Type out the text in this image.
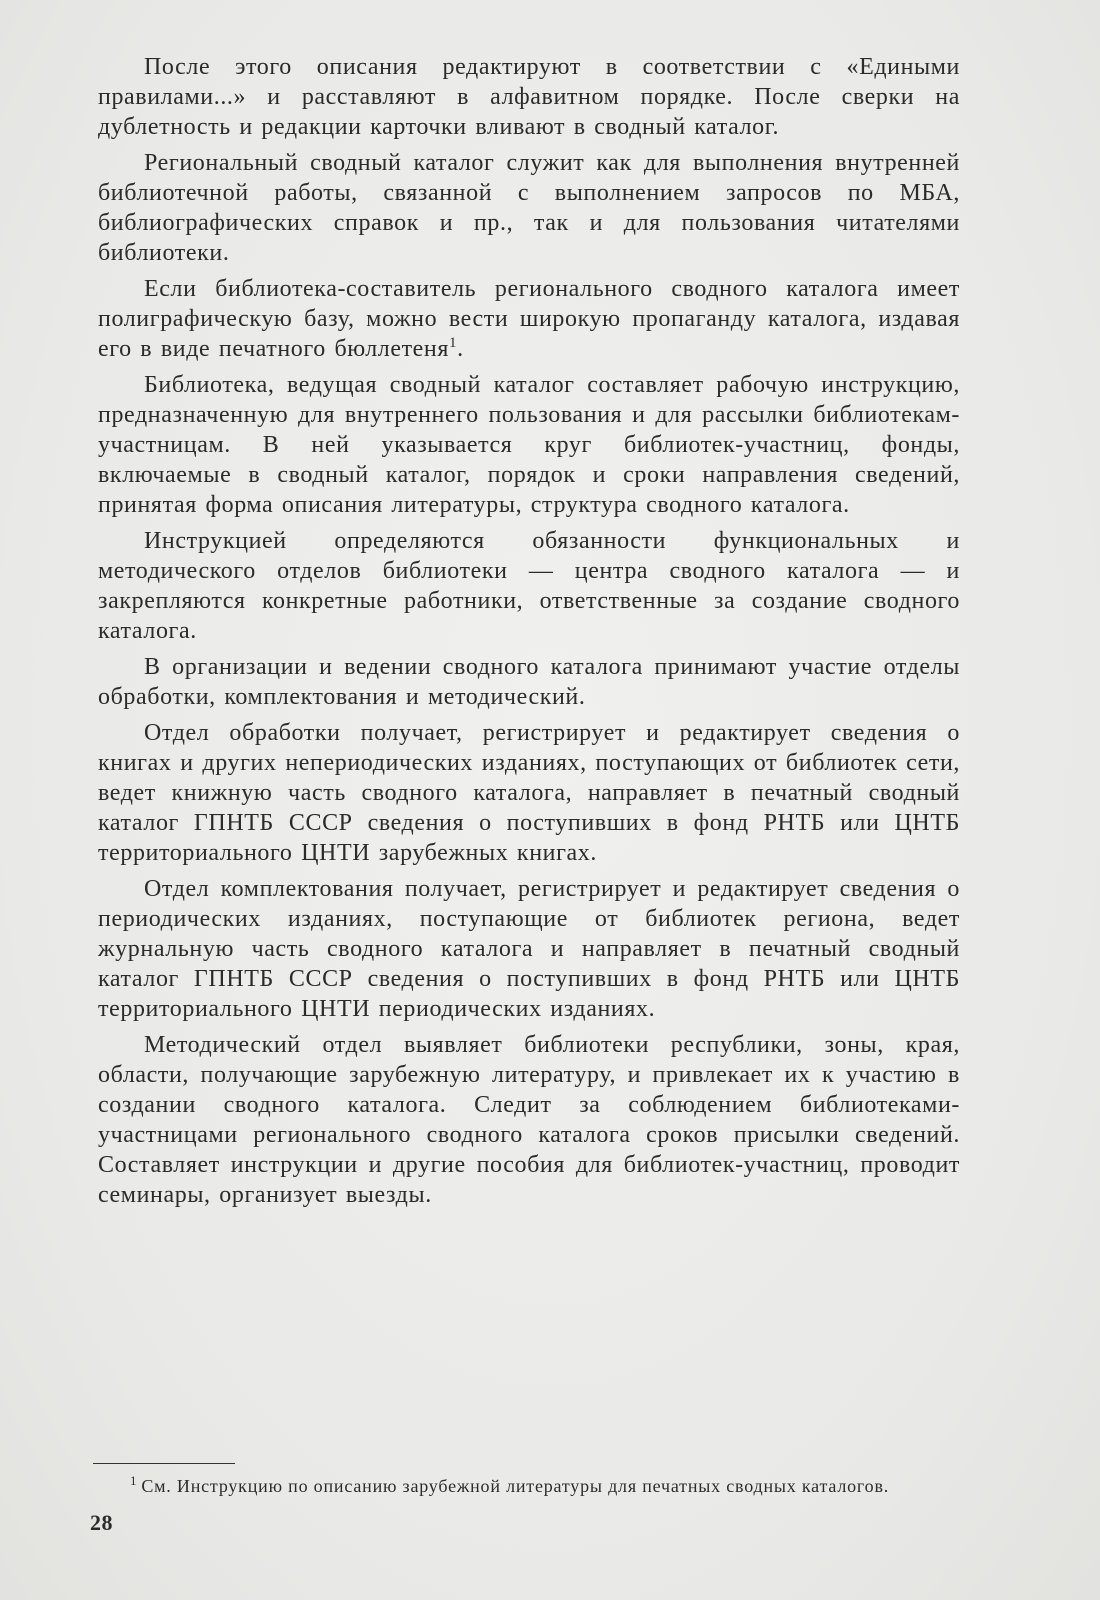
После этого описания редактируют в соответствии с «Едиными правилами...» и расставляют в алфавитном порядке. После сверки на дублетность и редакции карточки вливают в сводный каталог.

Региональный сводный каталог служит как для выполнения внутренней библиотечной работы, связанной с выполнением запросов по МБА, библиографических справок и пр., так и для пользования читателями библиотеки.

Если библиотека-составитель регионального сводного каталога имеет полиграфическую базу, можно вести широкую пропаганду каталога, издавая его в виде печатного бюллетеня$^1$.

Библиотека, ведущая сводный каталог составляет рабочую инструкцию, предназначенную для внутреннего пользования и для рассылки библиотекам-участницам. В ней указывается круг библиотек-участниц, фонды, включаемые в сводный каталог, порядок и сроки направления сведений, принятая форма описания литературы, структура сводного каталога.

Инструкцией определяются обязанности функциональных и методического отделов библиотеки — центра сводного каталога — и закрепляются конкретные работники, ответственные за создание сводного каталога.

В организации и ведении сводного каталога принимают участие отделы обработки, комплектования и методический.

Отдел обработки получает, регистрирует и редактирует сведения о книгах и других непериодических изданиях, поступающих от библиотек сети, ведет книжную часть сводного каталога, направляет в печатный сводный каталог ГПНТБ СССР сведения о поступивших в фонд РНТБ или ЦНТБ территориального ЦНТИ зарубежных книгах.

Отдел комплектования получает, регистрирует и редактирует сведения о периодических изданиях, поступающие от библиотек региона, ведет журнальную часть сводного каталога и направляет в печатный сводный каталог ГПНТБ СССР сведения о поступивших в фонд РНТБ или ЦНТБ территориального ЦНТИ периодических изданиях.

Методический отдел выявляет библиотеки республики, зоны, края, области, получающие зарубежную литературу, и привлекает их к участию в создании сводного каталога. Следит за соблюдением библиотеками-участницами регионального сводного каталога сроков присылки сведений. Составляет инструкции и другие пособия для библиотек-участниц, проводит семинары, организует выезды.

$^1$ См. Инструкцию по описанию зарубежной литературы для печатных сводных каталогов.

28
